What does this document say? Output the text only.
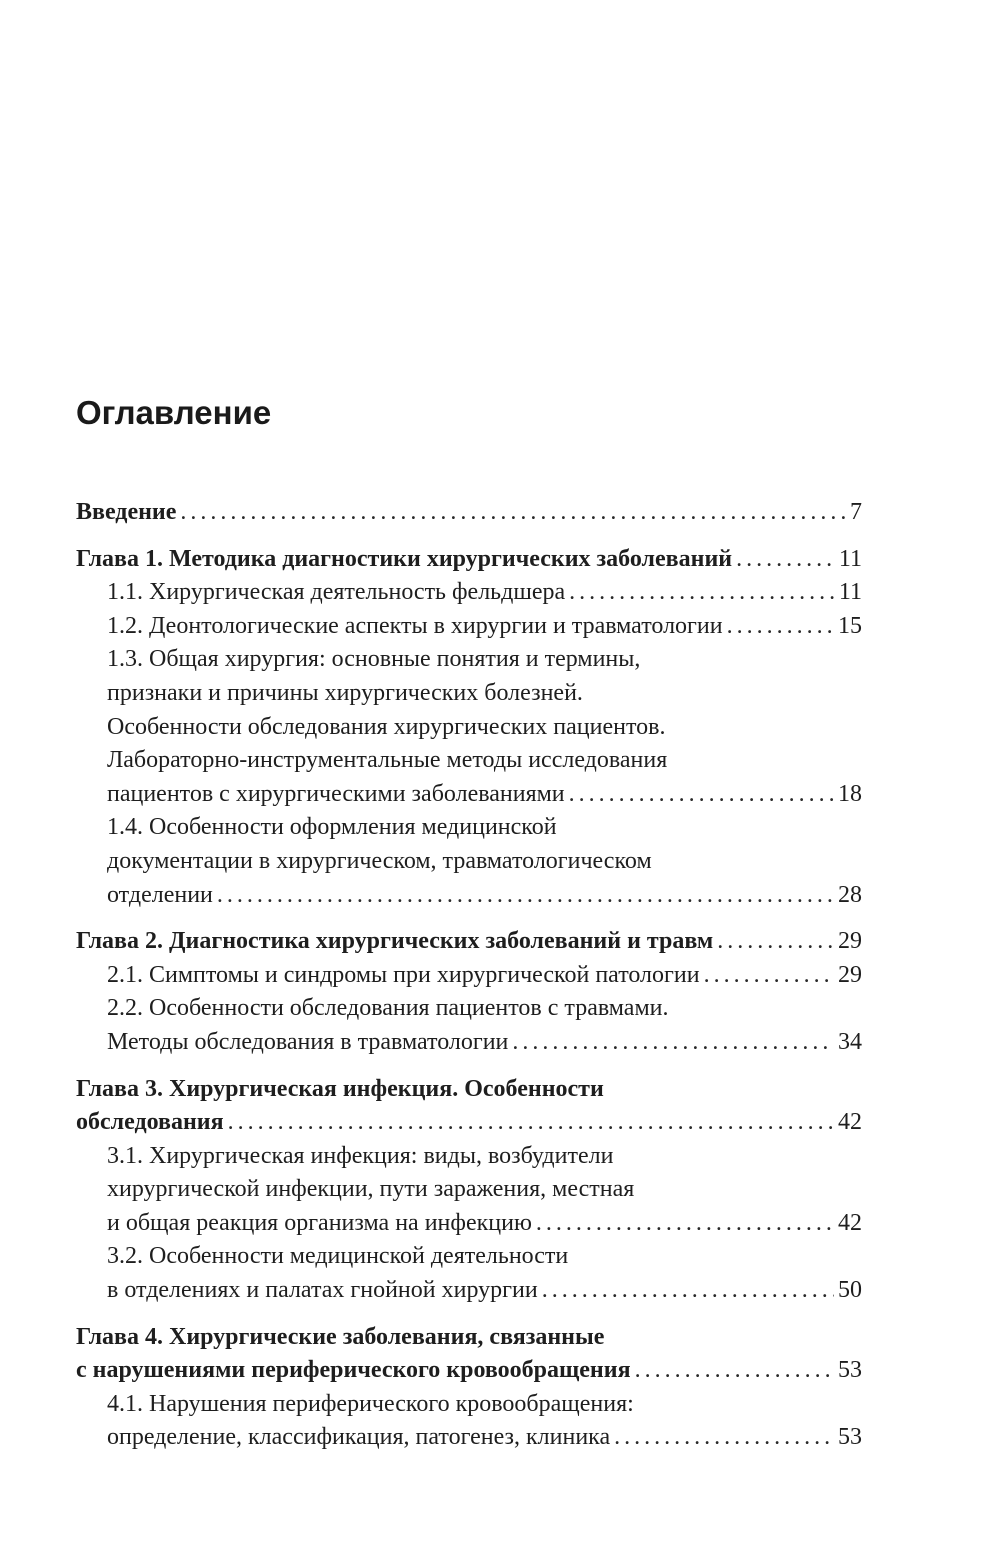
Оглавление
Введение .....	7
Глава 1. Методика диагностики хирургических заболеваний .....	11
1.1. Хирургическая деятельность фельдшера .....	11
1.2. Деонтологические аспекты в хирургии и травматологии .....	15
1.3. Общая хирургия: основные понятия и термины,
признаки и причины хирургических болезней.
Особенности обследования хирургических пациентов.
Лабораторно-инструментальные методы исследования
пациентов с хирургическими заболеваниями .....	18
1.4. Особенности оформления медицинской
документации в хирургическом, травматологическом
отделении .....	28
Глава 2. Диагностика хирургических заболеваний и травм .....	29
2.1. Симптомы и синдромы при хирургической патологии .....	29
2.2. Особенности обследования пациентов с травмами.
Методы обследования в травматологии .....	34
Глава 3. Хирургическая инфекция. Особенности
обследования .....	42
3.1. Хирургическая инфекция: виды, возбудители
хирургической инфекции, пути заражения, местная
и общая реакция организма на инфекцию .....	42
3.2. Особенности медицинской деятельности
в отделениях и палатах гнойной хирургии .....	50
Глава 4. Хирургические заболевания, связанные
с нарушениями периферического кровообращения .....	53
4.1. Нарушения периферического кровообращения:
определение, классификация, патогенез, клиника .....	53
